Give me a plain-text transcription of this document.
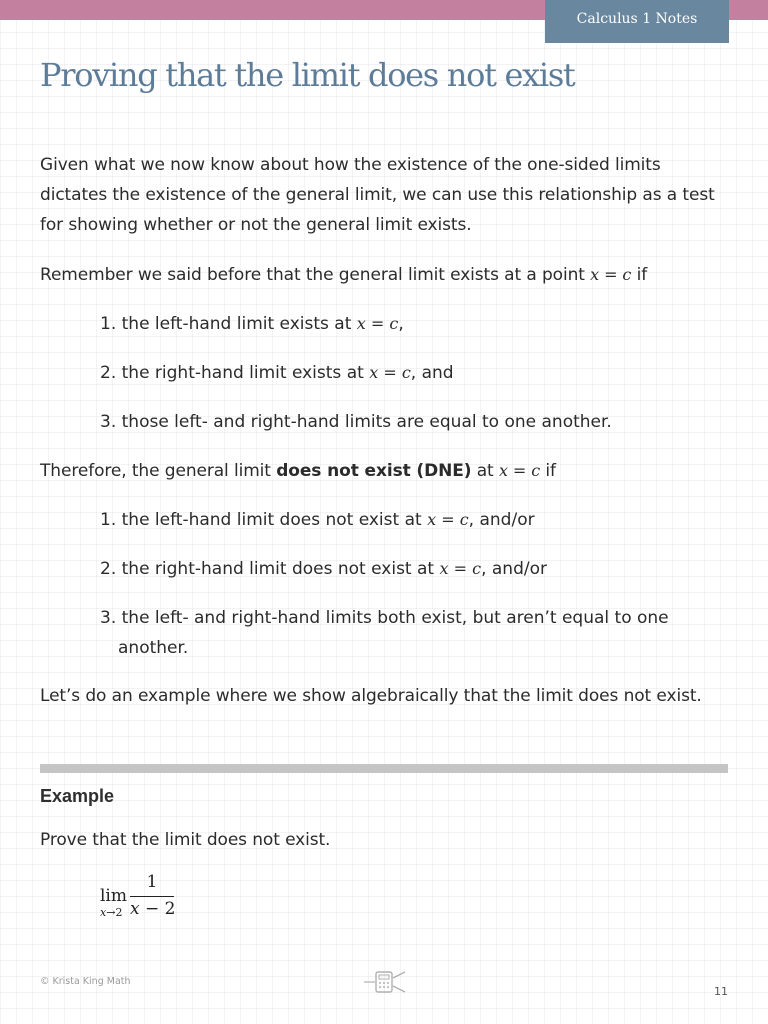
Calculus 1 Notes
Proving that the limit does not exist

Given what we now know about how the existence of the one-sided limits dictates the existence of the general limit, we can use this relationship as a test for showing whether or not the general limit exists.

Remember we said before that the general limit exists at a point x = c if

1. the left-hand limit exists at x = c,

2. the right-hand limit exists at x = c, and

3. those left- and right-hand limits are equal to one another.

Therefore, the general limit does not exist (DNE) at x = c if

1. the left-hand limit does not exist at x = c, and/or

2. the right-hand limit does not exist at x = c, and/or

3. the left- and right-hand limits both exist, but aren’t equal to one
another.

Let’s do an example where we show algebraically that the limit does not exist.

Example

Prove that the limit does not exist.

lim
x→2
1
x − 2
© Krista King Math
11
